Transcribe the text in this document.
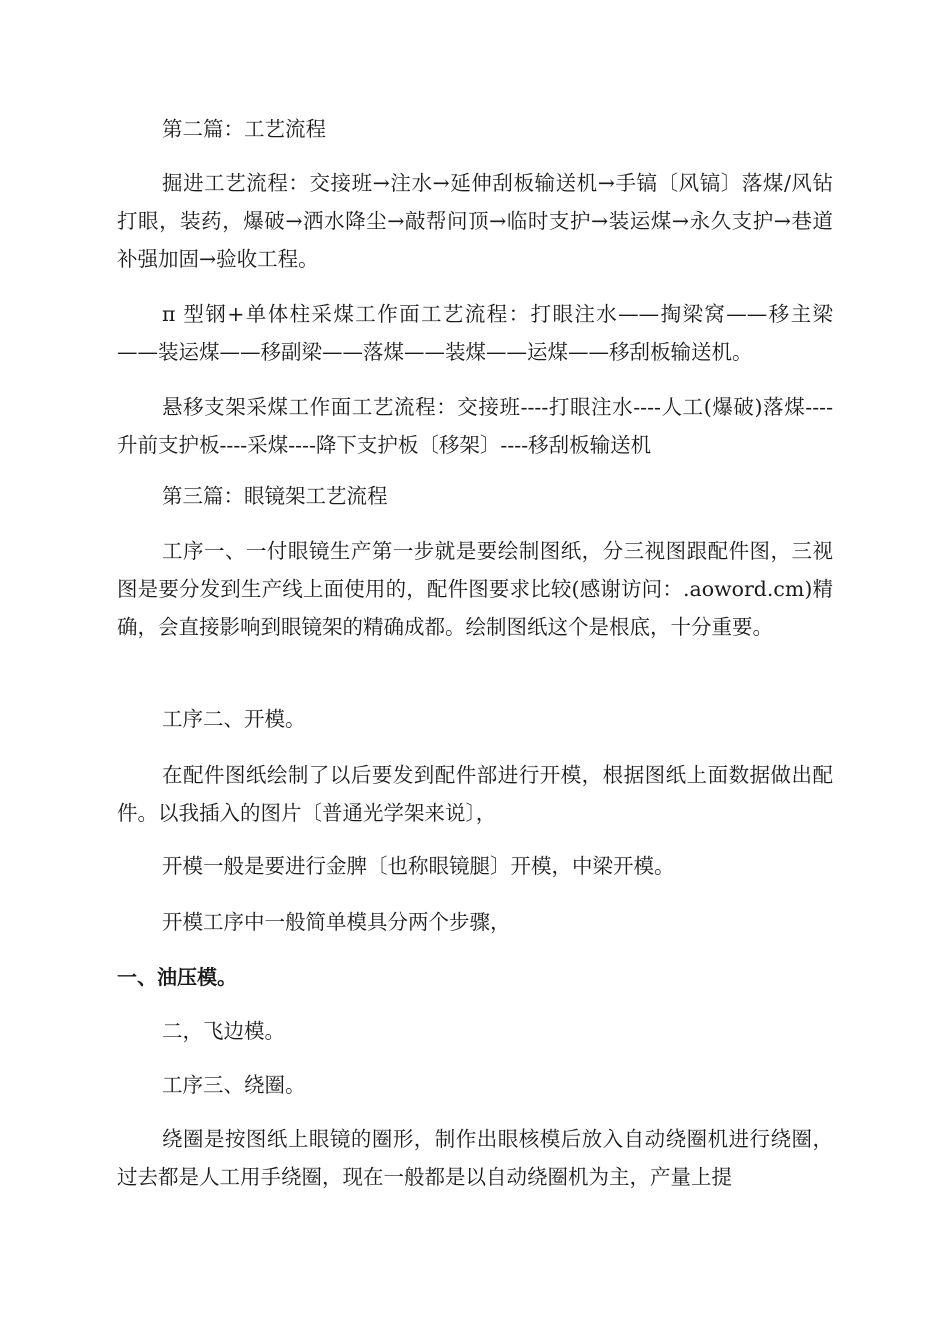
第二篇：工艺流程

掘进工艺流程：交接班→注水→延伸刮板输送机→手镐〔风镐〕落煤/风钻打眼，装药，爆破→洒水降尘→敲帮问顶→临时支护→装运煤→永久支护→巷道补强加固→验收工程。

π 型钢+单体柱采煤工作面工艺流程：打眼注水——掏梁窝——移主梁——装运煤——移副梁——落煤——装煤——运煤——移刮板输送机。

悬移支架采煤工作面工艺流程：交接班----打眼注水----人工(爆破)落煤----升前支护板----采煤----降下支护板〔移架〕----移刮板输送机

第三篇：眼镜架工艺流程

工序一、一付眼镜生产第一步就是要绘制图纸，分三视图跟配件图，三视图是要分发到生产线上面使用的，配件图要求比较(感谢访问：.aoword.cm)精确，会直接影响到眼镜架的精确成都。绘制图纸这个是根底，十分重要。

工序二、开模。

在配件图纸绘制了以后要发到配件部进行开模，根据图纸上面数据做出配件。以我插入的图片〔普通光学架来说〕，

开模一般是要进行金脾〔也称眼镜腿〕开模，中梁开模。

开模工序中一般简单模具分两个步骤，

一、油压模。

二，飞边模。

工序三、绕圈。

绕圈是按图纸上眼镜的圈形，制作出眼核模后放入自动绕圈机进行绕圈，过去都是人工用手绕圈，现在一般都是以自动绕圈机为主，产量上提
